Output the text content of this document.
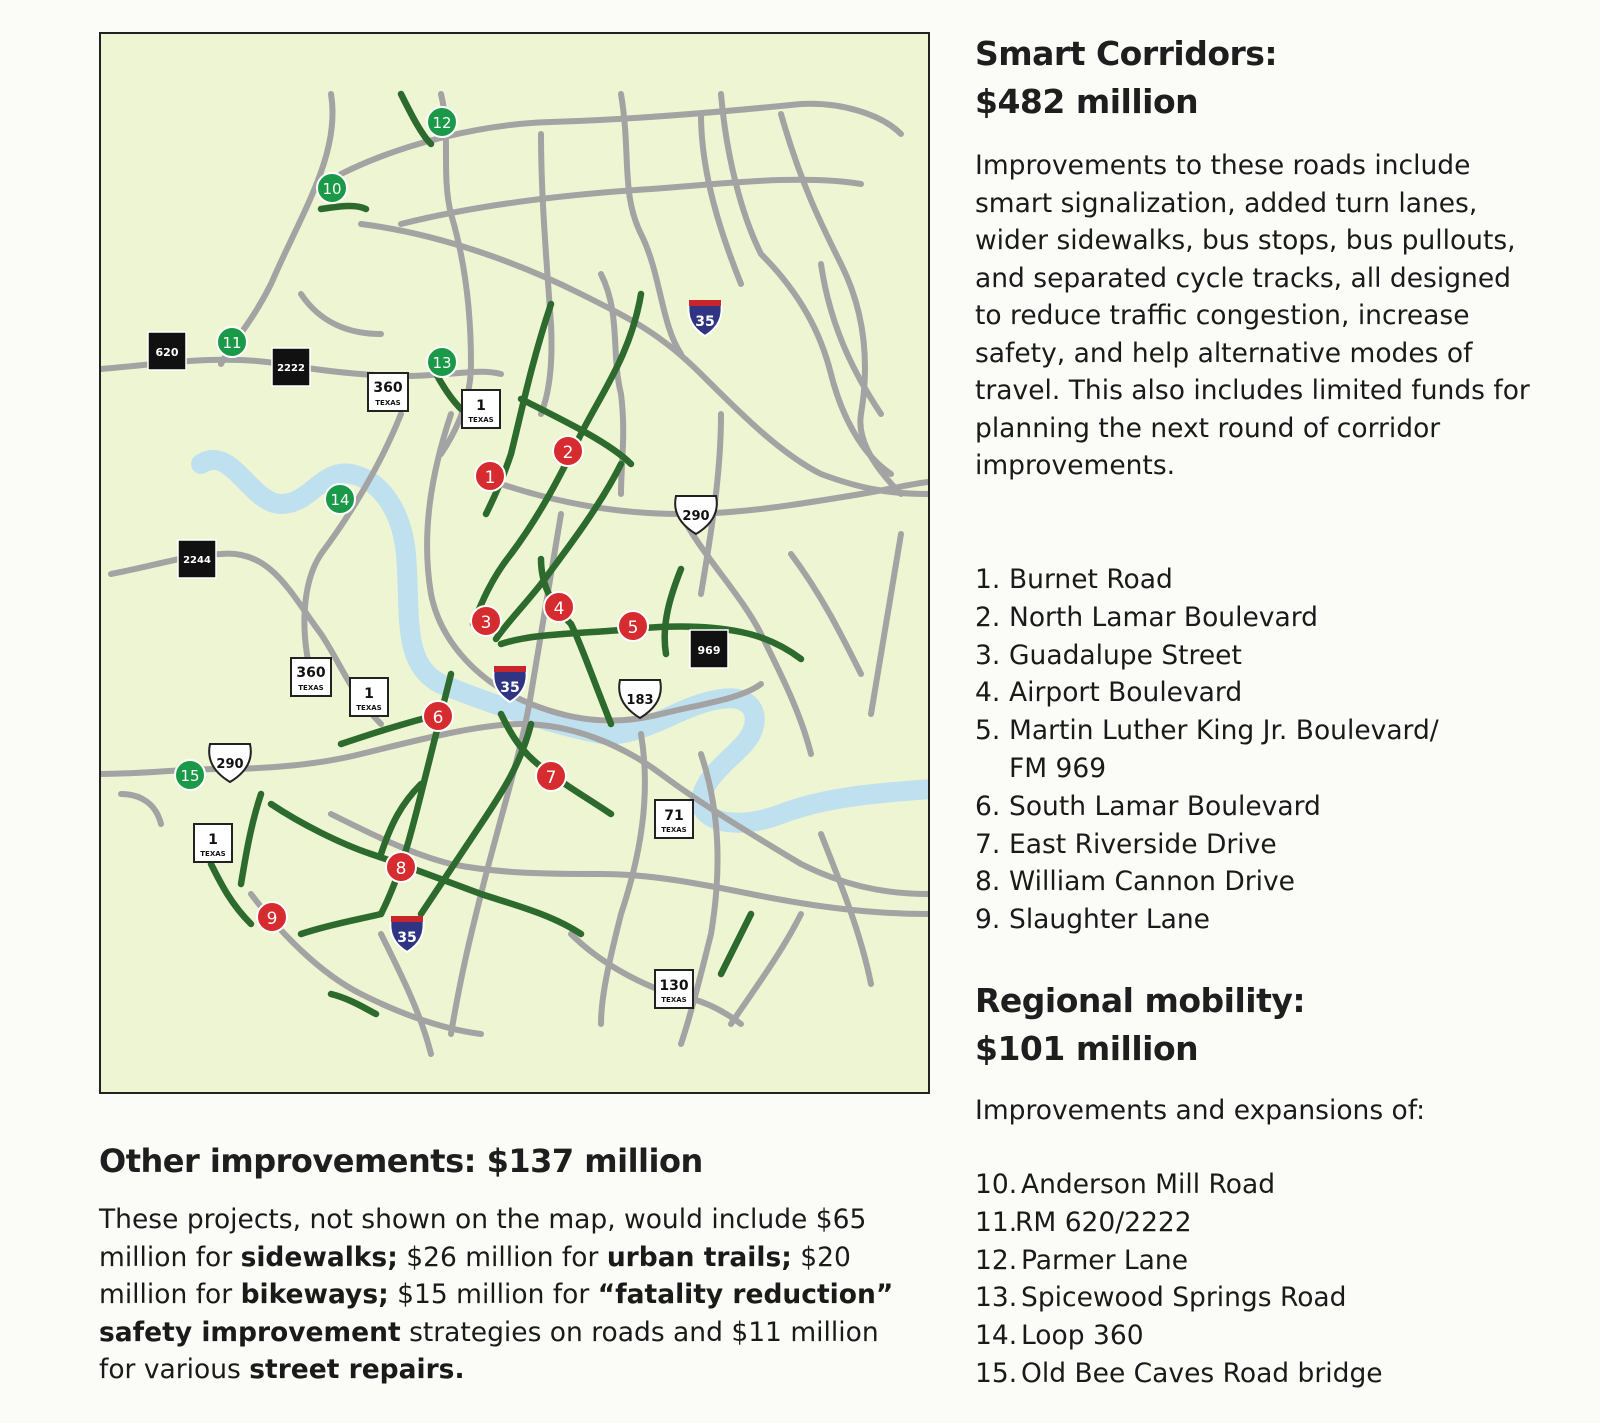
1
2
3
4
5
6
7
8
9
10
11
12
13
14
15
35
35
35
290
183
290
360
TEXAS	1
TEXAS
360
TEXAS	1
TEXAS
1
TEXAS
71
TEXAS
130
TEXAS
620
2222
2244
969
Smart Corridors:
$482 million

Improvements to these roads include smart signalization, added turn lanes, wider sidewalks, bus stops, bus pullouts, and separated cycle tracks, all designed to reduce traffic congestion, increase safety, and help alternative modes of travel. This also includes limited funds for planning the next round of corridor improvements.

1. Burnet Road
2. North Lamar Boulevard
3. Guadalupe Street
4. Airport Boulevard
5. Martin Luther King Jr. Boulevard/
FM 969
6. South Lamar Boulevard
7. East Riverside Drive
8. William Cannon Drive
9. Slaughter Lane
Regional mobility:
$101 million

Improvements and expansions of:

10. Anderson Mill Road
11.RM 620/2222
12. Parmer Lane
13. Spicewood Springs Road
14. Loop 360
15. Old Bee Caves Road bridge
Other improvements: $137 million

These projects, not shown on the map, would include $65 million for sidewalks; $26 million for urban trails; $20 million for bikeways; $15 million for “fatality reduction” safety improvement strategies on roads and $11 million for various street repairs.
